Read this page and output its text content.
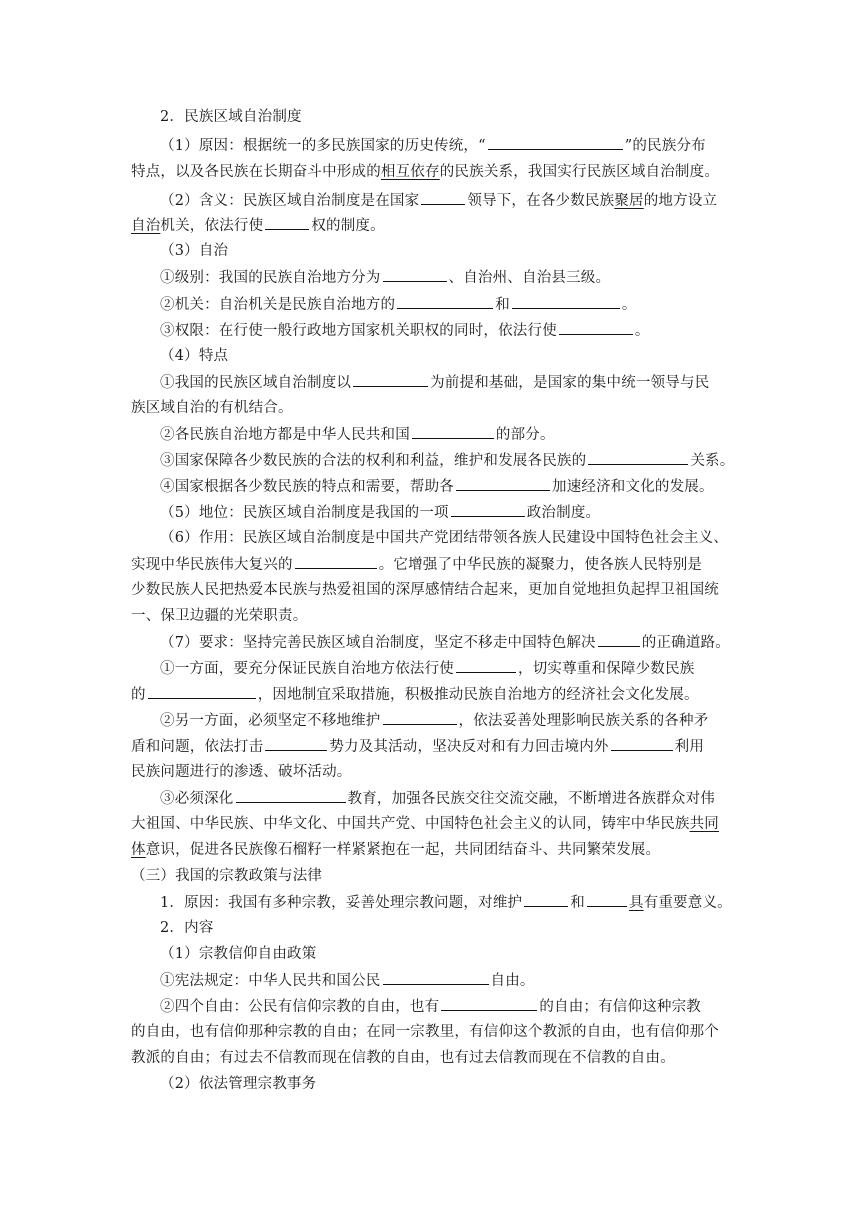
2．民族区域自治制度
（1）原因：根据统一的多民族国家的历史传统，“	”的民族分布
特点，以及各民族在长期奋斗中形成的相互依存的民族关系，我国实行民族区域自治制度。
（2）含义：民族区域自治制度是在国家	领导下，在各少数民族聚居的地方设立
自治机关，依法行使	权的制度。
（3）自治
①级别：我国的民族自治地方分为	、自治州、自治县三级。
②机关：自治机关是民族自治地方的	和	。
③权限：在行使一般行政地方国家机关职权的同时，依法行使	。
（4）特点
①我国的民族区域自治制度以	为前提和基础，是国家的集中统一领导与民
族区域自治的有机结合。
②各民族自治地方都是中华人民共和国	的部分。
③国家保障各少数民族的合法的权利和利益，维护和发展各民族的	关系。
④国家根据各少数民族的特点和需要，帮助各	加速经济和文化的发展。
（5）地位：民族区域自治制度是我国的一项	政治制度。
（6）作用：民族区域自治制度是中国共产党团结带领各族人民建设中国特色社会主义、
实现中华民族伟大复兴的	。它增强了中华民族的凝聚力，使各族人民特别是
少数民族人民把热爱本民族与热爱祖国的深厚感情结合起来，更加自觉地担负起捍卫祖国统
一、保卫边疆的光荣职责。
（7）要求：坚持完善民族区域自治制度，坚定不移走中国特色解决	的正确道路。
①一方面，要充分保证民族自治地方依法行使	，切实尊重和保障少数民族
的	，因地制宜采取措施，积极推动民族自治地方的经济社会文化发展。
②另一方面，必须坚定不移地维护	，依法妥善处理影响民族关系的各种矛
盾和问题，依法打击	势力及其活动，坚决反对和有力回击境内外	利用
民族问题进行的渗透、破坏活动。
③必须深化	教育，加强各民族交往交流交融，不断增进各族群众对伟
大祖国、中华民族、中华文化、中国共产党、中国特色社会主义的认同，铸牢中华民族共同
体意识，促进各民族像石榴籽一样紧紧抱在一起，共同团结奋斗、共同繁荣发展。
（三）我国的宗教政策与法律
1．原因：我国有多种宗教，妥善处理宗教问题，对维护	和	具有重要意义。
2．内容
（1）宗教信仰自由政策
①宪法规定：中华人民共和国公民	自由。
②四个自由：公民有信仰宗教的自由，也有	的自由；有信仰这种宗教
的自由，也有信仰那种宗教的自由；在同一宗教里，有信仰这个教派的自由，也有信仰那个
教派的自由；有过去不信教而现在信教的自由，也有过去信教而现在不信教的自由。
（2）依法管理宗教事务
